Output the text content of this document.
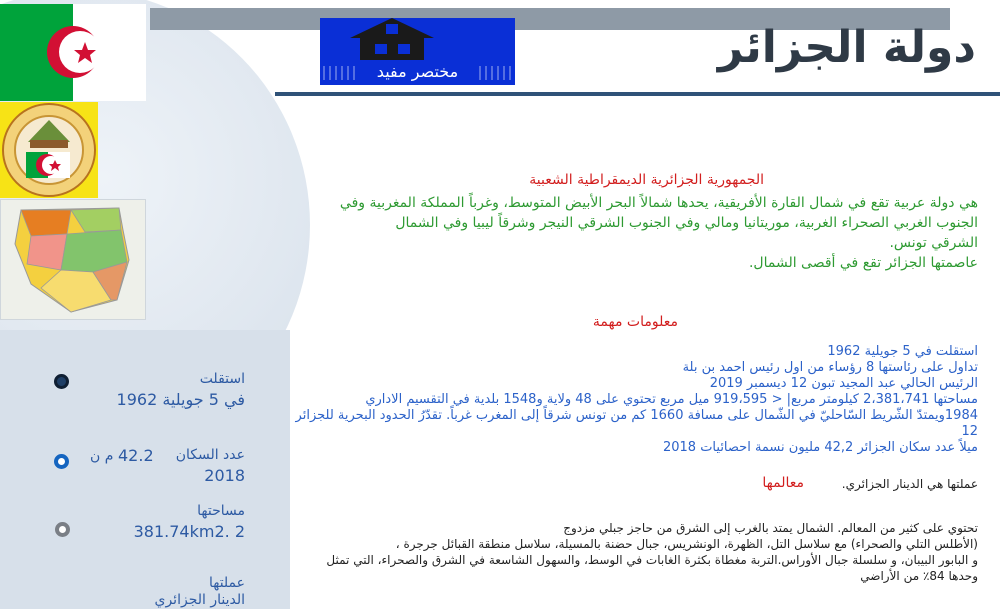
مختصر مفيد	دولة الجزائر
الجمهورية الجزائرية الديمقراطية الشعبية
هي دولة عربية تقع في شمال القارة الأفريقية، يحدها شمالاً البحر الأبيض المتوسط، وغرباً المملكة المغربية وفي
الجنوب الغربي الصحراء الغربية، موريتانيا ومالي وفي الجنوب الشرقي النيجر وشرقاً ليبيا وفي الشمال
الشرقي تونس.
عاصمتها الجزائر تقع في أقصى الشمال.
معلومات مهمة
استقلت في 5 جويلية 1962
تداول على رئاستها 8 رؤساء من اول رئيس احمد بن بلة
الرئيس الحالي عبد المجيد تبون 12 ديسمبر 2019
مساحتها 2،381،741 كيلومتر مربع| < 919،595 ميل مربع تحتوي على 48 ولاية و1548 بلدية في التقسيم الاداري
1984ويمتدّ الشّريط السّاحليّ في الشّمال على مسافة 1660 كم من تونس شرقاً إلى المغرب غرباً. تقدّرُ الحدود البحرية للجزائر 12
ميلاً عدد سكان الجزائر 42,2 مليون نسمة احصائيات 2018
عملتها هي الدينار الجزائري.
معالمها
تحتوي على كثير من المعالم. الشمال يمتد بالغرب إلى الشرق من حاجز جبلي مزدوج
(الأطلس التلي والصحراء) مع سلاسل التل، الظهرة، الونشريس، جبال حضنة بالمسيلة، سلاسل منطقة القبائل جرجرة ،
و البابور البيبان، و سلسلة جبال الأوراس.التربة مغطاة بكثرة الغابات في الوسط، والسهول الشاسعة في الشرق والصحراء، التي تمثل
وحدها 84٪ من الأراضي
استقلت
في 5 جويلية 1962
عدد السكان
42.2
م ن
2018
مساحتها
2 .381.74km2
عملتها
الدينار الجزائري
